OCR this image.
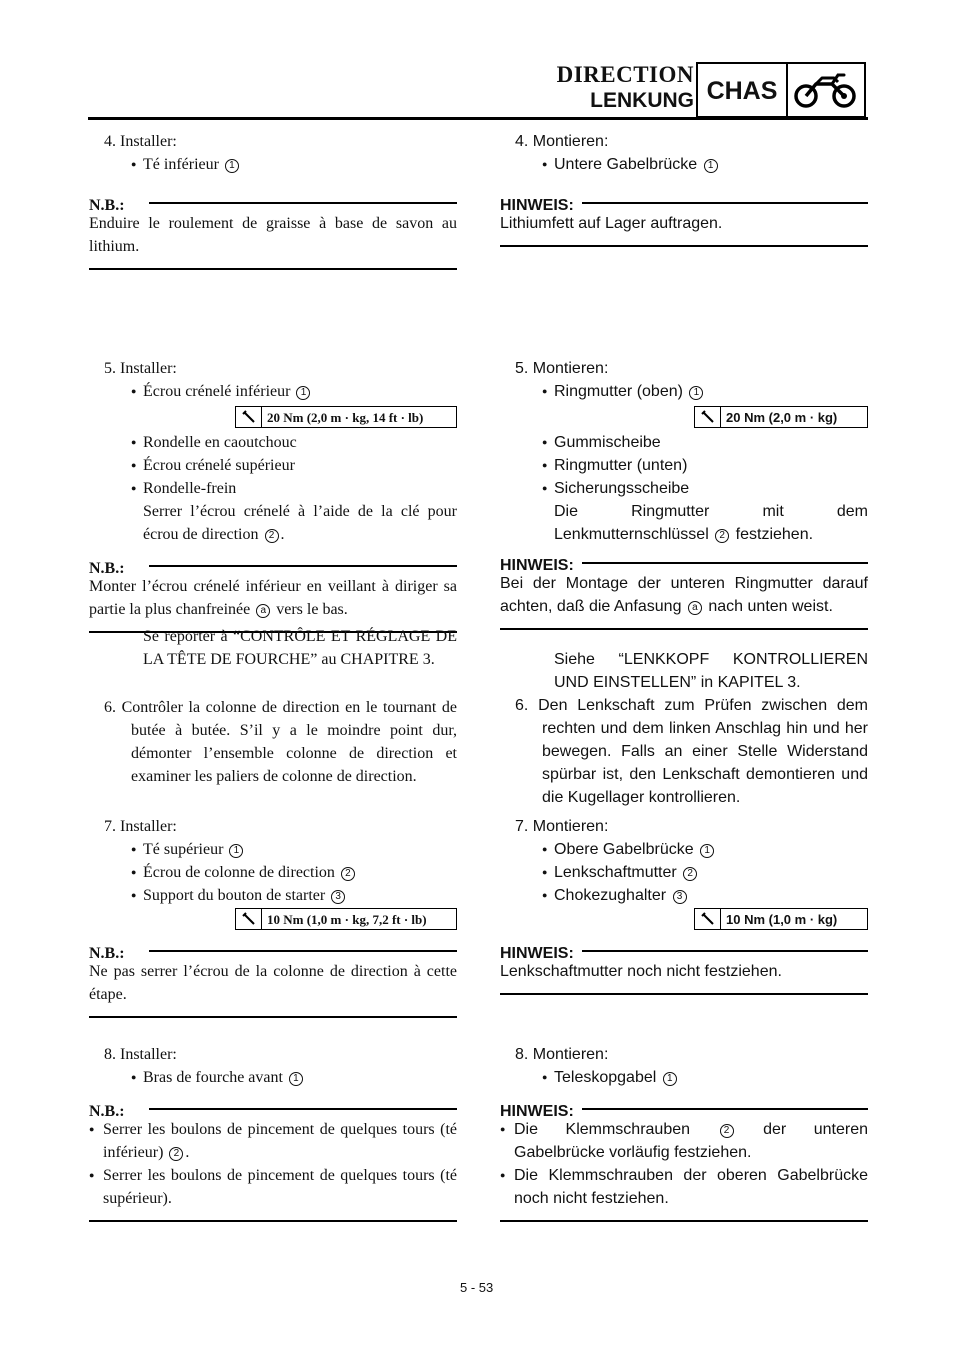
DIRECTION
LENKUNG CHAS
4. Installer:
● Té inférieur 1
N.B.:
Enduire le roulement de graisse à base de savon au lithium.
5. Installer:
● Écrou crénelé inférieur 1
20 Nm (2,0 m · kg, 14 ft · lb)
● Rondelle en caoutchouc
● Écrou crénelé supérieur
● Rondelle-frein
Serrer l’écrou crénelé à l’aide de la clé pour écrou de direction 2 .
N.B.:
Monter l’écrou crénelé inférieur en veillant à diriger sa partie la plus chanfreinée a vers le bas.
Se reporter à “CONTRÔLE ET RÉGLAGE DE LA TÊTE DE FOURCHE” au CHAPITRE 3.
6. Contrôler la colonne de direction en le tournant de butée à butée. S’il y a le moindre point dur, démonter l’ensemble colonne de direction et examiner les paliers de colonne de direction.
7. Installer:
● Té supérieur 1
● Écrou de colonne de direction 2
● Support du bouton de starter 3
10 Nm (1,0 m · kg, 7,2 ft · lb)
N.B.:
Ne pas serrer l’écrou de la colonne de direction à cette étape.
8. Installer:
● Bras de fourche avant 1
N.B.:
● Serrer les boulons de pincement de quelques tours (té inférieur) 2 .
● Serrer les boulons de pincement de quelques tours (té supérieur).
4. Montieren:
● Untere Gabelbrücke 1
HINWEIS:
Lithiumfett auf Lager auftragen.
5. Montieren:
● Ringmutter (oben) 1
20 Nm (2,0 m · kg)
● Gummischeibe
● Ringmutter (unten)
● Sicherungsscheibe
Die Ringmutter mit dem Lenkmutternschlüssel 2 festziehen.
HINWEIS:
Bei der Montage der unteren Ringmutter darauf achten, daß die Anfasung a nach unten weist.
Siehe “LENKKOPF KONTROLLIEREN UND EINSTELLEN” in KAPITEL 3.
6. Den Lenkschaft zum Prüfen zwischen dem rechten und dem linken Anschlag hin und her bewegen. Falls an einer Stelle Widerstand spürbar ist, den Lenkschaft demontieren und die Kugellager kontrollieren.
7. Montieren:
● Obere Gabelbrücke 1
● Lenkschaftmutter 2
● Chokezughalter 3
10 Nm (1,0 m · kg)
HINWEIS:
Lenkschaftmutter noch nicht festziehen.
8. Montieren:
● Teleskopgabel 1
HINWEIS:
● Die Klemmschrauben	2 der unteren Gabelbrücke vorläufig festziehen.
● Die Klemmschrauben der oberen Gabelbrücke noch nicht festziehen.
5 - 53
